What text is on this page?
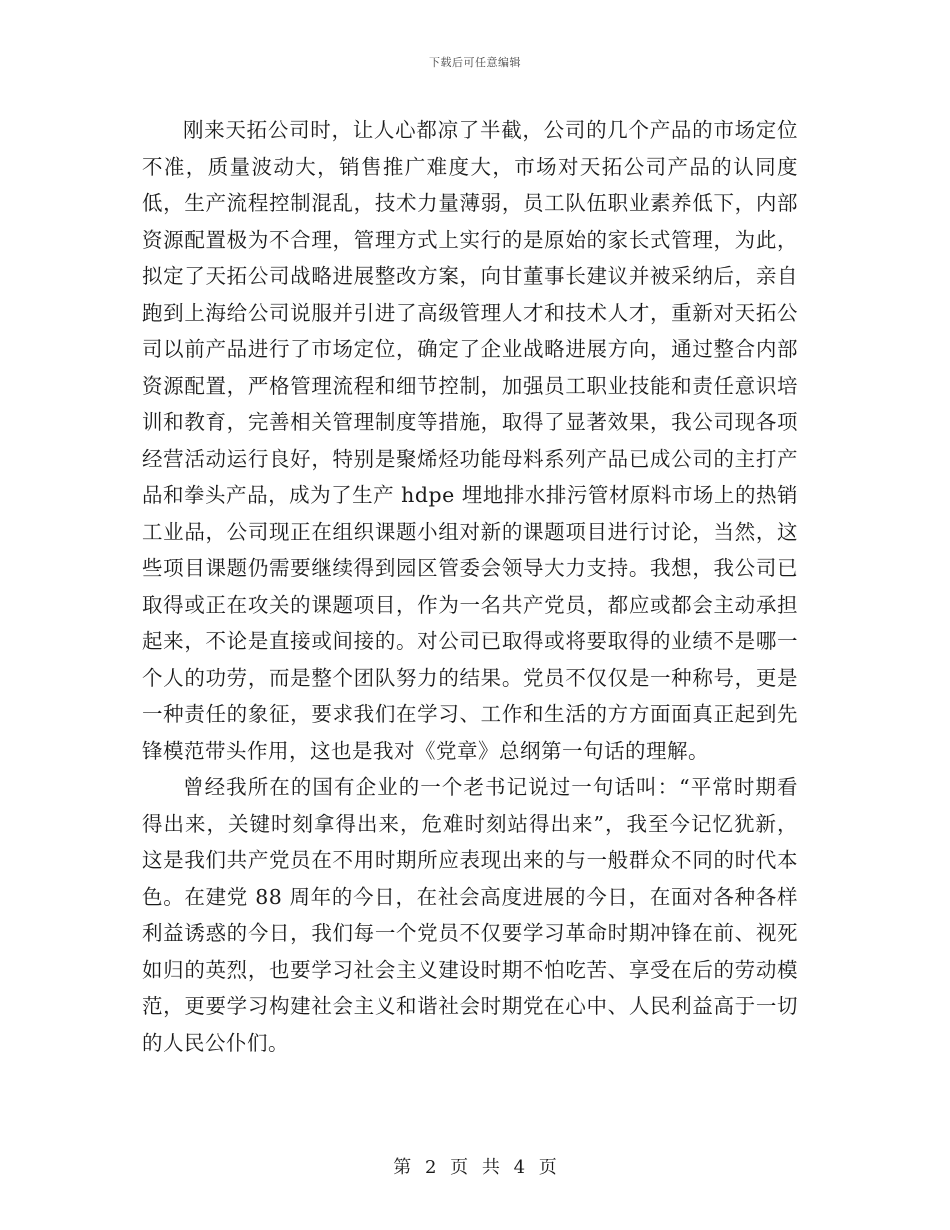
下载后可任意编辑

刚来天拓公司时，让人心都凉了半截，公司的几个产品的市场定位不准，质量波动大，销售推广难度大，市场对天拓公司产品的认同度低，生产流程控制混乱，技术力量薄弱，员工队伍职业素养低下，内部资源配置极为不合理，管理方式上实行的是原始的家长式管理，为此，拟定了天拓公司战略进展整改方案，向甘董事长建议并被采纳后，亲自跑到上海给公司说服并引进了高级管理人才和技术人才，重新对天拓公司以前产品进行了市场定位，确定了企业战略进展方向，通过整合内部资源配置，严格管理流程和细节控制，加强员工职业技能和责任意识培训和教育，完善相关管理制度等措施，取得了显著效果，我公司现各项经营活动运行良好，特别是聚烯烃功能母料系列产品已成公司的主打产品和拳头产品，成为了生产 hdpe 埋地排水排污管材原料市场上的热销工业品，公司现正在组织课题小组对新的课题项目进行讨论，当然，这些项目课题仍需要继续得到园区管委会领导大力支持。我想，我公司已取得或正在攻关的课题项目，作为一名共产党员，都应或都会主动承担起来，不论是直接或间接的。对公司已取得或将要取得的业绩不是哪一个人的功劳，而是整个团队努力的结果。党员不仅仅是一种称号，更是一种责任的象征，要求我们在学习、工作和生活的方方面面真正起到先锋模范带头作用，这也是我对《党章》总纲第一句话的理解。

曾经我所在的国有企业的一个老书记说过一句话叫：“平常时期看得出来，关键时刻拿得出来，危难时刻站得出来”，我至今记忆犹新，这是我们共产党员在不用时期所应表现出来的与一般群众不同的时代本色。在建党 88 周年的今日，在社会高度进展的今日，在面对各种各样利益诱惑的今日，我们每一个党员不仅要学习革命时期冲锋在前、视死如归的英烈，也要学习社会主义建设时期不怕吃苦、享受在后的劳动模范，更要学习构建社会主义和谐社会时期党在心中、人民利益高于一切的人民公仆们。

第 2 页 共 4 页
